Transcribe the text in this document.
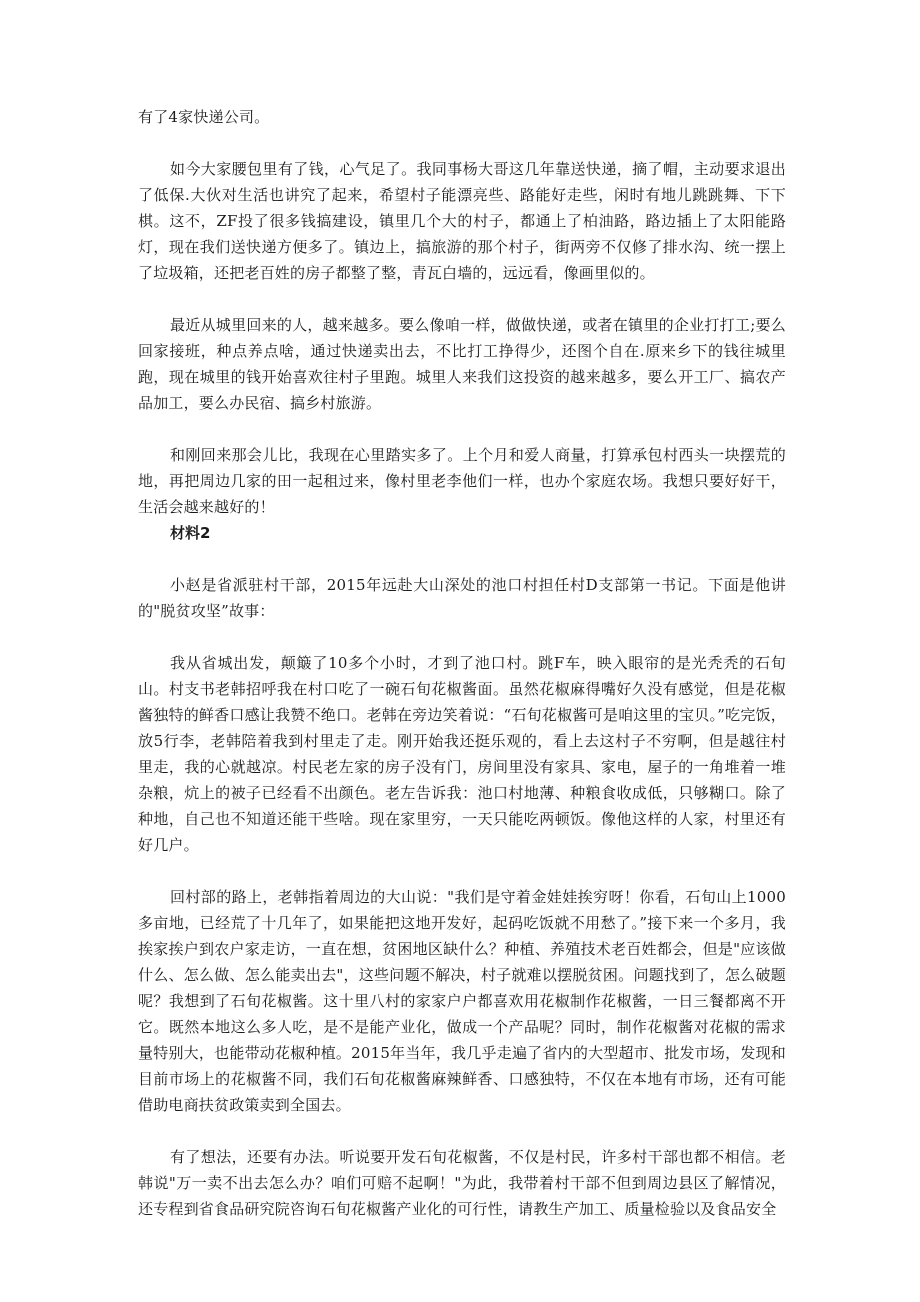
有了4家快递公司。

如今大家腰包里有了钱，心气足了。我同事杨大哥这几年靠送快递，摘了帽，主动要求退出了低保.大伙对生活也讲究了起来，希望村子能漂亮些、路能好走些，闲时有地儿跳跳舞、下下棋。这不，ZF投了很多钱搞建设，镇里几个大的村子，都通上了柏油路，路边插上了太阳能路灯，现在我们送快递方便多了。镇边上，搞旅游的那个村子，街两旁不仅修了排水沟、统一摆上了垃圾箱，还把老百姓的房子都整了整，青瓦白墙的，远远看，像画里似的。

最近从城里回来的人，越来越多。要么像咱一样，做做快递，或者在镇里的企业打打工;要么回家接班，种点养点啥，通过快递卖出去，不比打工挣得少，还图个自在.原来乡下的钱往城里跑，现在城里的钱开始喜欢往村子里跑。城里人来我们这投资的越来越多，要么开工厂、搞农产品加工，要么办民宿、搞乡村旅游。

和刚回来那会儿比，我现在心里踏实多了。上个月和爱人商量，打算承包村西头一块摆荒的地，再把周边几家的田一起租过来，像村里老李他们一样，也办个家庭农场。我想只要好好干，生活会越来越好的！

材料2

小赵是省派驻村干部，2015年远赴大山深处的池口村担任村D支部第一书记。下面是他讲的"脱贫攻坚”故事：

我从省城出发，颠簸了10多个小时，才到了池口村。跳F车，映入眼帘的是光秃秃的石旬山。村支书老韩招呼我在村口吃了一碗石旬花椒酱面。虽然花椒麻得嘴好久没有感觉，但是花椒酱独特的鲜香口感让我赞不绝口。老韩在旁边笑着说：“石旬花椒酱可是咱这里的宝贝。”吃完饭，放5行李，老韩陪着我到村里走了走。刚开始我还挺乐观的，看上去这村子不穷啊，但是越往村里走，我的心就越凉。村民老左家的房子没有门，房间里没有家具、家电，屋子的一角堆着一堆杂粮，炕上的被子已经看不出颜色。老左告诉我：池口村地薄、种粮食收成低，只够糊口。除了种地，自己也不知道还能干些啥。现在家里穷，一天只能吃两顿饭。像他这样的人家，村里还有好几户。

回村部的路上，老韩指着周边的大山说："我们是守着金娃娃挨穷呀！你看，石旬山上1000多亩地，已经荒了十几年了，如果能把这地开发好，起码吃饭就不用愁了。”接下来一个多月，我挨家挨户到农户家走访，一直在想，贫困地区缺什么？种植、养殖技术老百姓都会，但是"应该做什么、怎么做、怎么能卖出去"，这些问题不解决，村子就难以摆脱贫困。问题找到了，怎么破题呢？我想到了石旬花椒酱。这十里八村的家家户户都喜欢用花椒制作花椒酱，一日三餐都离不开它。既然本地这么多人吃，是不是能产业化，做成一个产品呢？同时，制作花椒酱对花椒的需求量特别大，也能带动花椒种植。2015年当年，我几乎走遍了省内的大型超市、批发市场，发现和目前市场上的花椒酱不同，我们石旬花椒酱麻辣鲜香、口感独特，不仅在本地有市场，还有可能借助电商扶贫政策卖到全国去。

有了想法，还要有办法。听说要开发石旬花椒酱，不仅是村民，许多村干部也都不相信。老韩说"万一卖不出去怎么办？咱们可赔不起啊！"为此，我带着村干部不但到周边县区了解情况，还专程到省食品研究院咨询石旬花椒酱产业化的可行性，请教生产加工、质量检验以及食品安全
